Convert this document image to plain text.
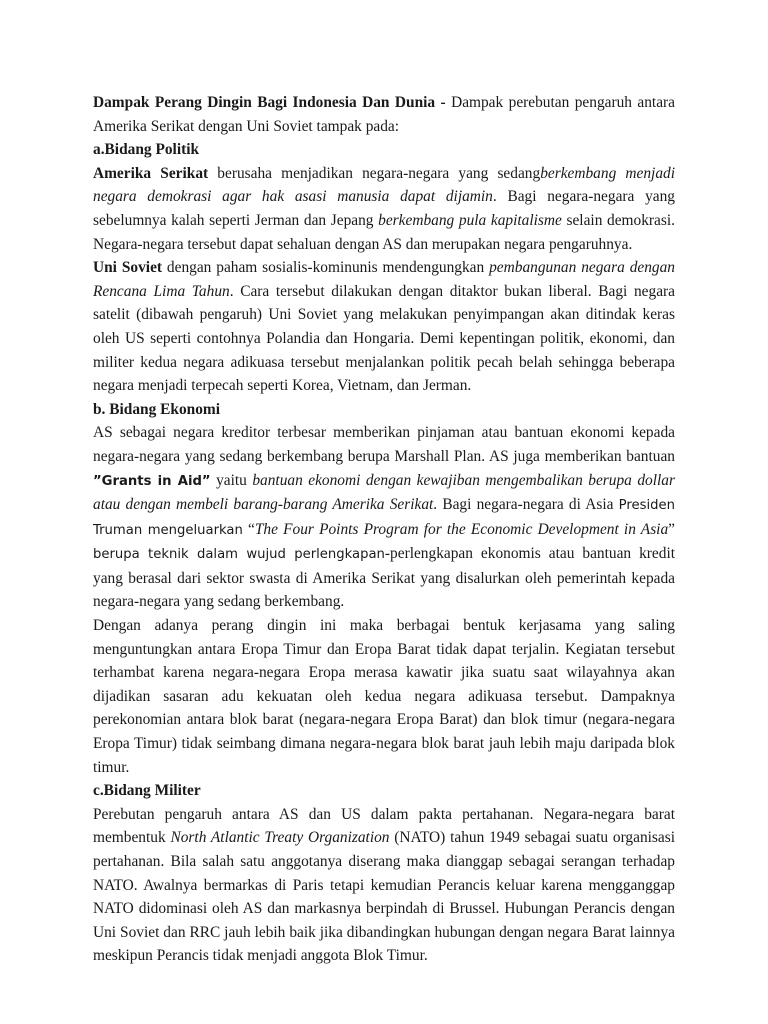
Dampak Perang Dingin Bagi Indonesia Dan Dunia - Dampak perebutan pengaruh antara Amerika Serikat dengan Uni Soviet tampak pada:

a.Bidang Politik

Amerika Serikat berusaha menjadikan negara-negara yang sedangberkembang menjadi negara demokrasi agar hak asasi manusia dapat dijamin. Bagi negara-negara yang sebelumnya kalah seperti Jerman dan Jepang berkembang pula kapitalisme selain demokrasi. Negara-negara tersebut dapat sehaluan dengan AS dan merupakan negara pengaruhnya.

Uni Soviet dengan paham sosialis-kominunis mendengungkan pembangunan negara dengan Rencana Lima Tahun. Cara tersebut dilakukan dengan ditaktor bukan liberal. Bagi negara satelit (dibawah pengaruh) Uni Soviet yang melakukan penyimpangan akan ditindak keras oleh US seperti contohnya Polandia dan Hongaria. Demi kepentingan politik, ekonomi, dan militer kedua negara adikuasa tersebut menjalankan politik pecah belah sehingga beberapa negara menjadi terpecah seperti Korea, Vietnam, dan Jerman.

b. Bidang Ekonomi

AS sebagai negara kreditor terbesar memberikan pinjaman atau bantuan ekonomi kepada negara-negara yang sedang berkembang berupa Marshall Plan. AS juga memberikan bantuan ”Grants in Aid” yaitu bantuan ekonomi dengan kewajiban mengembalikan berupa dollar atau dengan membeli barang-barang Amerika Serikat. Bagi negara-negara di Asia Presiden Truman mengeluarkan “The Four Points Program for the Economic Development in Asia” berupa teknik dalam wujud perlengkapan-perlengkapan ekonomis atau bantuan kredit yang berasal dari sektor swasta di Amerika Serikat yang disalurkan oleh pemerintah kepada negara-negara yang sedang berkembang.

Dengan adanya perang dingin ini maka berbagai bentuk kerjasama yang saling menguntungkan antara Eropa Timur dan Eropa Barat tidak dapat terjalin. Kegiatan tersebut terhambat karena negara-negara Eropa merasa kawatir jika suatu saat wilayahnya akan dijadikan sasaran adu kekuatan oleh kedua negara adikuasa tersebut. Dampaknya perekonomian antara blok barat (negara-negara Eropa Barat) dan blok timur (negara-negara Eropa Timur) tidak seimbang dimana negara-negara blok barat jauh lebih maju daripada blok timur.

c.Bidang Militer

Perebutan pengaruh antara AS dan US dalam pakta pertahanan. Negara-negara barat membentuk North Atlantic Treaty Organization (NATO) tahun 1949 sebagai suatu organisasi pertahanan. Bila salah satu anggotanya diserang maka dianggap sebagai serangan terhadap NATO. Awalnya bermarkas di Paris tetapi kemudian Perancis keluar karena mengganggap NATO didominasi oleh AS dan markasnya berpindah di Brussel. Hubungan Perancis dengan Uni Soviet dan RRC jauh lebih baik jika dibandingkan hubungan dengan negara Barat lainnya meskipun Perancis tidak menjadi anggota Blok Timur.
